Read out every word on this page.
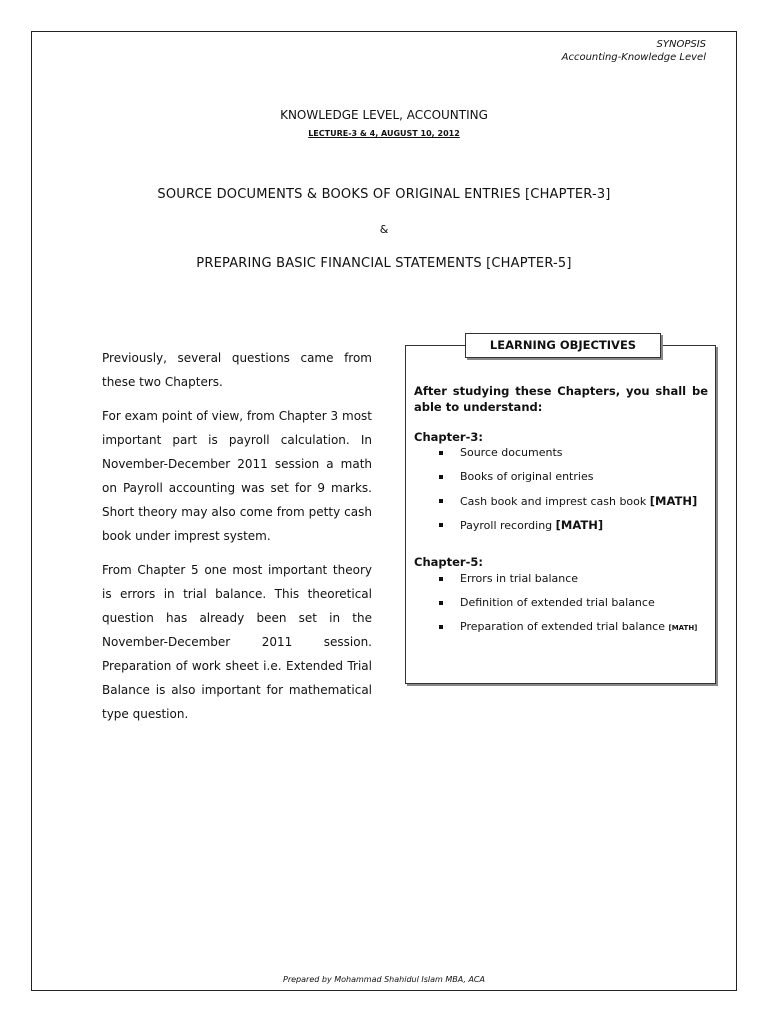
SYNOPSIS
Accounting-Knowledge Level
KNOWLEDGE LEVEL, ACCOUNTING
LECTURE-3 & 4, AUGUST 10, 2012
SOURCE DOCUMENTS & BOOKS OF ORIGINAL ENTRIES [CHAPTER-3]
&
PREPARING BASIC FINANCIAL STATEMENTS [CHAPTER-5]

Previously, several questions came from these two Chapters.

For exam point of view, from Chapter 3 most important part is payroll calculation. In November-December 2011 session a math on Payroll accounting was set for 9 marks. Short theory may also come from petty cash book under imprest system.

From Chapter 5 one most important theory is errors in trial balance. This theoretical question has already been set in the November-December 2011 session. Preparation of work sheet i.e. Extended Trial Balance is also important for mathematical type question.

LEARNING OBJECTIVES
After studying these Chapters, you shall be able to understand:
Chapter-3:
Source documents
Books of original entries
Cash book and imprest cash book [MATH]
Payroll recording [MATH]
Chapter-5:
Errors in trial balance
Definition of extended trial balance
Preparation of extended trial balance [MATH]
Prepared by Mohammad Shahidul Islam MBA, ACA
